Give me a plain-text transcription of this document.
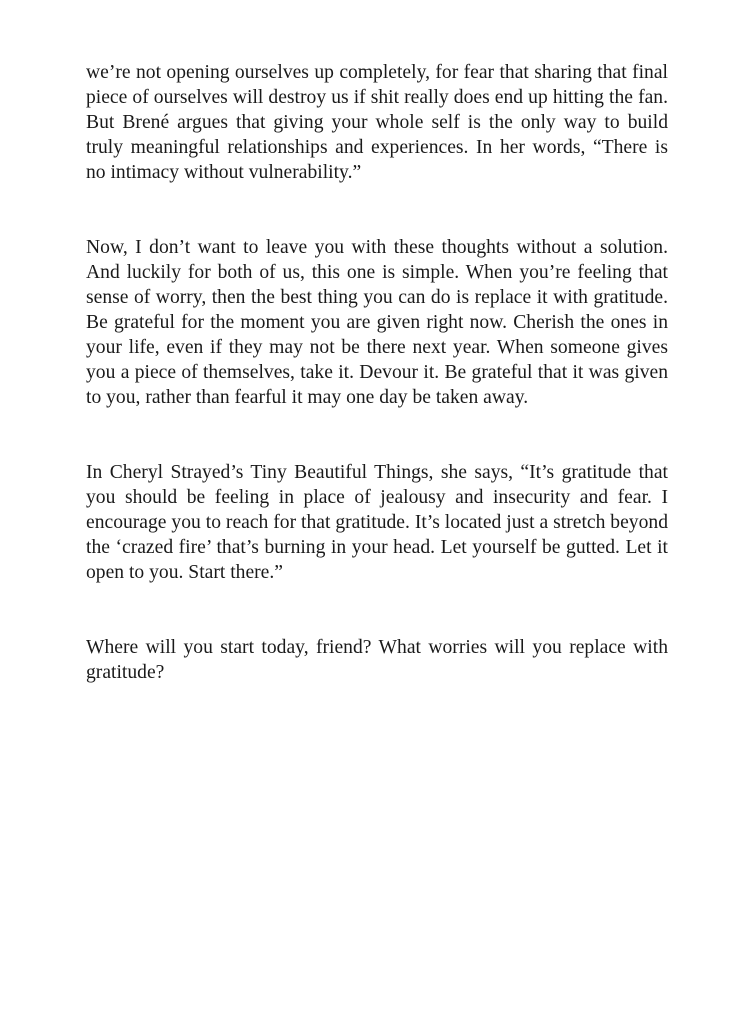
we’re not opening ourselves up completely, for fear that sharing that final piece of ourselves will destroy us if shit really does end up hitting the fan. But Brené argues that giving your whole self is the only way to build truly meaningful relationships and experiences. In her words, “There is no intimacy without vulnerability.”

Now, I don’t want to leave you with these thoughts without a solution. And luckily for both of us, this one is simple. When you’re feeling that sense of worry, then the best thing you can do is replace it with gratitude. Be grateful for the moment you are given right now. Cherish the ones in your life, even if they may not be there next year. When someone gives you a piece of themselves, take it. Devour it. Be grateful that it was given to you, rather than fearful it may one day be taken away.

In Cheryl Strayed’s Tiny Beautiful Things, she says, “It’s gratitude that you should be feeling in place of jealousy and insecurity and fear. I encourage you to reach for that gratitude. It’s located just a stretch beyond the ‘crazed fire’ that’s burning in your head. Let yourself be gutted. Let it open to you. Start there.”

Where will you start today, friend? What worries will you replace with gratitude?
